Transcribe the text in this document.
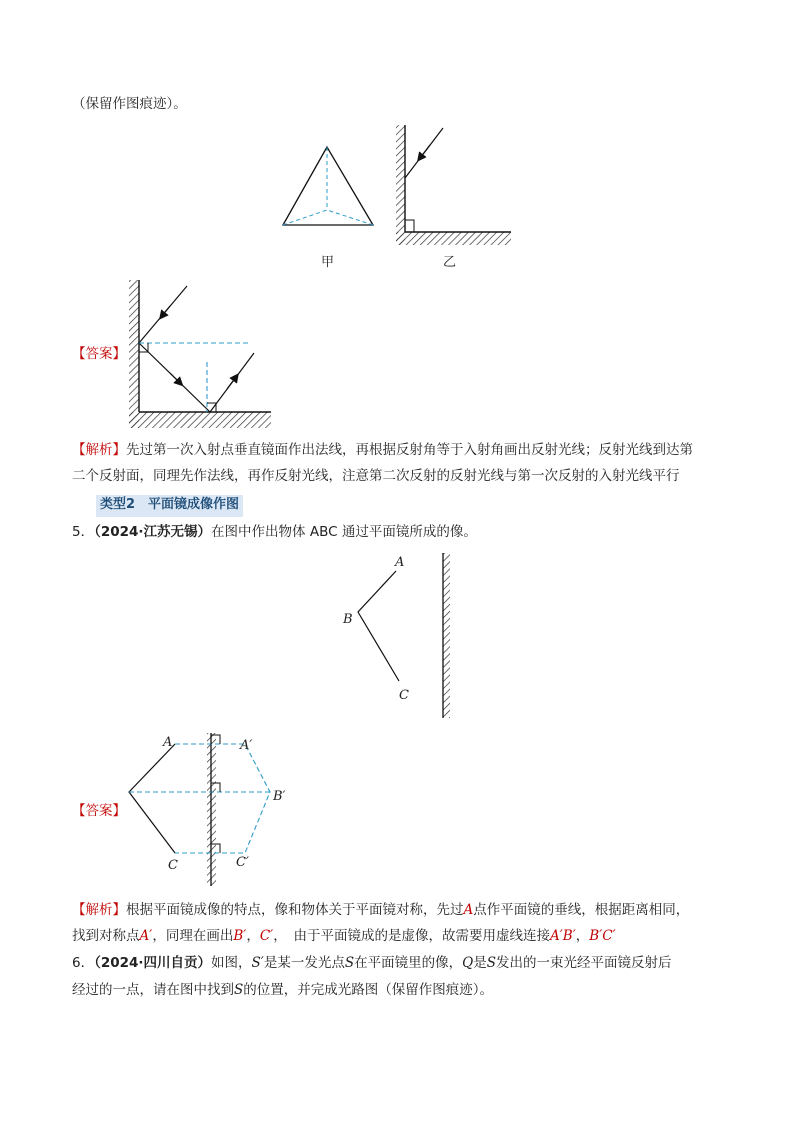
（保留作图痕迹）。
甲	乙
【答案】
【解析】先过第一次入射点垂直镜面作出法线，再根据反射角等于入射角画出反射光线；反射光线到达第
二个反射面，同理先作法线，再作反射光线，注意第二次反射的反射光线与第一次反射的入射光线平行
类型2　平面镜成像作图
5．（2024·江苏无锡）在图中作出物体 ABC 通过平面镜所成的像。
A
B
C
【答案】
A	A′
B′
C	C′
【解析】根据平面镜成像的特点，像和物体关于平面镜对称，先过A点作平面镜的垂线，根据距离相同，
找到对称点A′，同理在画出B′，C′，　由于平面镜成的是虚像，故需要用虚线连接A′B′，B′C′
6．（2024·四川自贡）如图，S′是某一发光点S在平面镜里的像，Q是S发出的一束光经平面镜反射后
经过的一点，请在图中找到S的位置，并完成光路图（保留作图痕迹）。
